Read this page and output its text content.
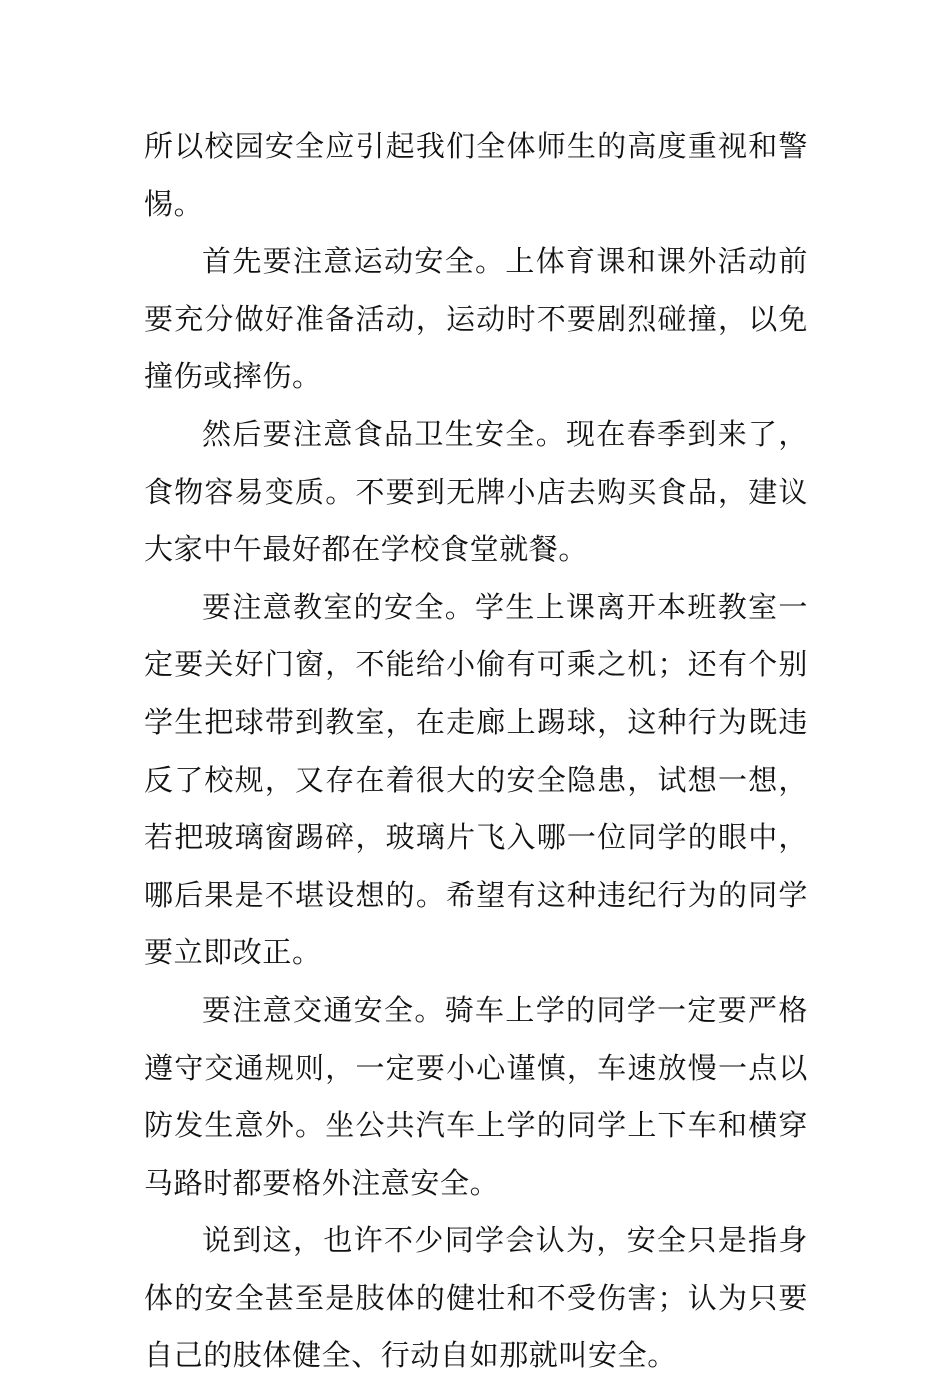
所以校园安全应引起我们全体师生的高度重视和警惕。

首先要注意运动安全。上体育课和课外活动前要充分做好准备活动，运动时不要剧烈碰撞，以免撞伤或摔伤。

然后要注意食品卫生安全。现在春季到来了，食物容易变质。不要到无牌小店去购买食品，建议大家中午最好都在学校食堂就餐。

要注意教室的安全。学生上课离开本班教室一定要关好门窗，不能给小偷有可乘之机；还有个别学生把球带到教室，在走廊上踢球，这种行为既违反了校规，又存在着很大的安全隐患，试想一想，若把玻璃窗踢碎，玻璃片飞入哪一位同学的眼中，哪后果是不堪设想的。希望有这种违纪行为的同学要立即改正。

要注意交通安全。骑车上学的同学一定要严格遵守交通规则，一定要小心谨慎，车速放慢一点以防发生意外。坐公共汽车上学的同学上下车和横穿马路时都要格外注意安全。

说到这，也许不少同学会认为，安全只是指身体的安全甚至是肢体的健壮和不受伤害；认为只要自己的肢体健全、行动自如那就叫安全。
